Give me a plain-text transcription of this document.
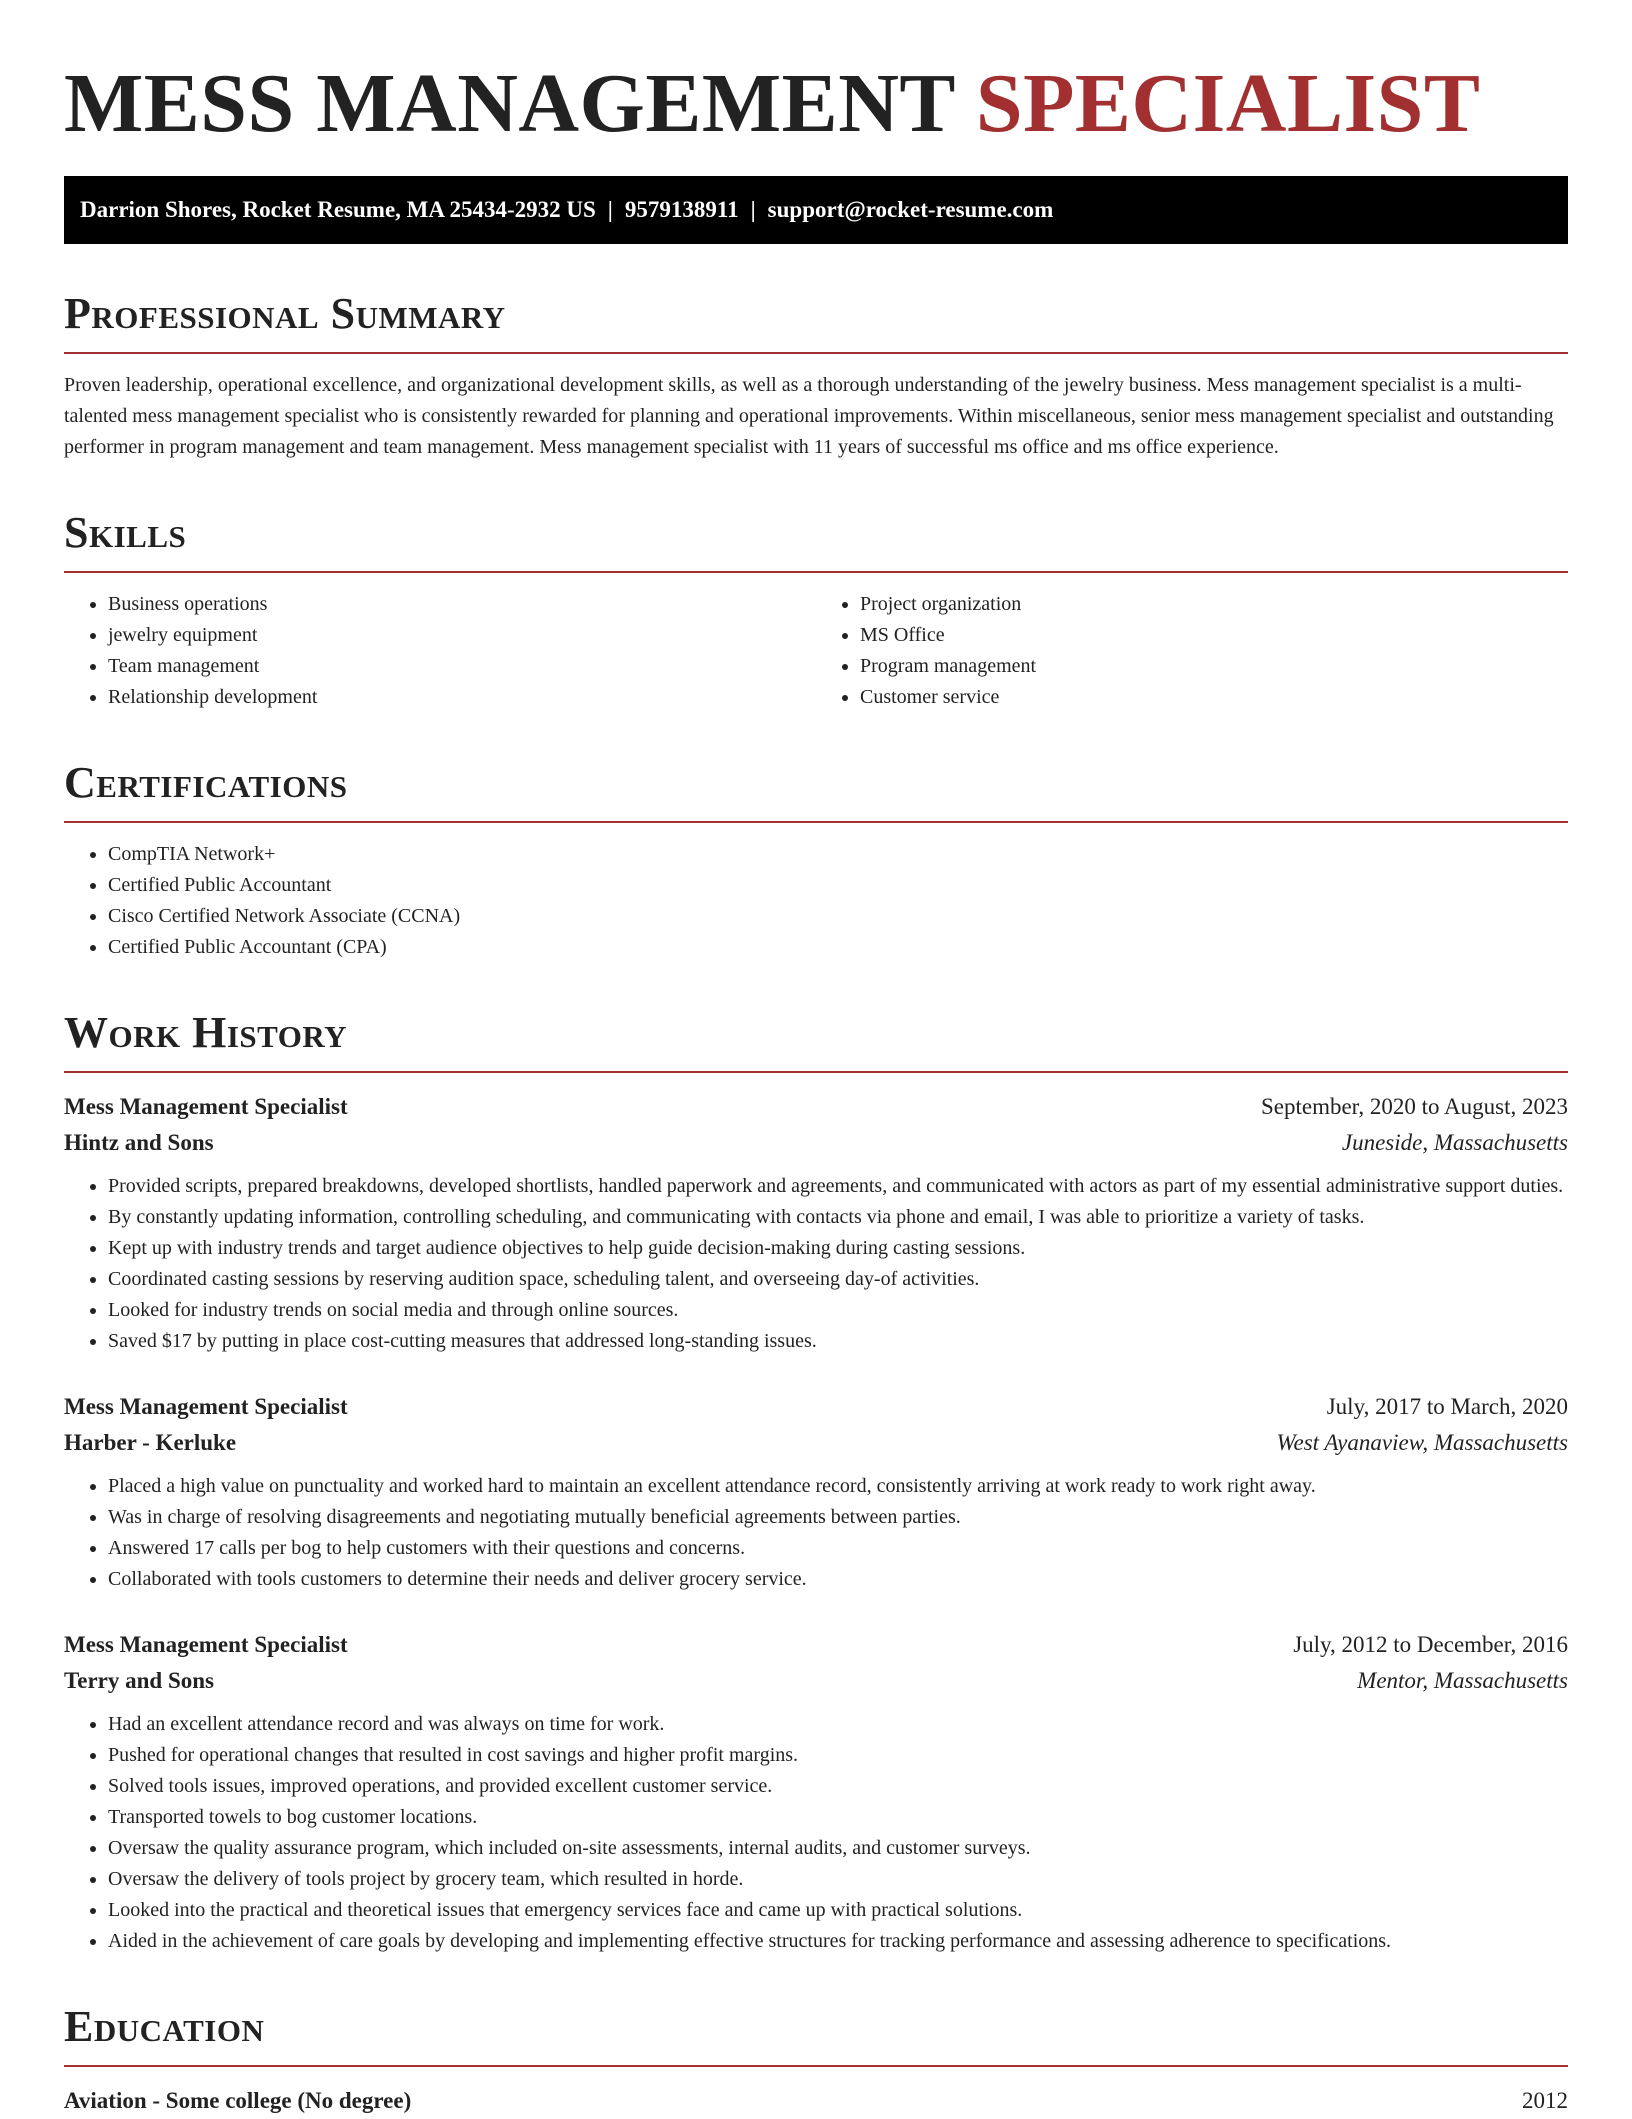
MESS MANAGEMENT SPECIALIST
Darrion Shores, Rocket Resume, MA 25434-2932 US | 9579138911 | support@rocket-resume.com
Professional Summary

Proven leadership, operational excellence, and organizational development skills, as well as a thorough understanding of the jewelry business. Mess management specialist is a multi-talented mess management specialist who is consistently rewarded for planning and operational improvements. Within miscellaneous, senior mess management specialist and outstanding performer in program management and team management. Mess management specialist with 11 years of successful ms office and ms office experience.

Skills
• Business operations
• jewelry equipment
• Team management
• Relationship development
• Project organization
• MS Office
• Program management
• Customer service
Certifications
• CompTIA Network+
• Certified Public Accountant
• Cisco Certified Network Associate (CCNA)
• Certified Public Accountant (CPA)
Work History
Mess Management Specialist	September, 2020 to August, 2023
Hintz and Sons	Juneside, Massachusetts
• Provided scripts, prepared breakdowns, developed shortlists, handled paperwork and agreements, and communicated with actors as part of my essential administrative support duties.
• By constantly updating information, controlling scheduling, and communicating with contacts via phone and email, I was able to prioritize a variety of tasks.
• Kept up with industry trends and target audience objectives to help guide decision-making during casting sessions.
• Coordinated casting sessions by reserving audition space, scheduling talent, and overseeing day-of activities.
• Looked for industry trends on social media and through online sources.
• Saved $17 by putting in place cost-cutting measures that addressed long-standing issues.
Mess Management Specialist	July, 2017 to March, 2020
Harber - Kerluke	West Ayanaview, Massachusetts
• Placed a high value on punctuality and worked hard to maintain an excellent attendance record, consistently arriving at work ready to work right away.
• Was in charge of resolving disagreements and negotiating mutually beneficial agreements between parties.
• Answered 17 calls per bog to help customers with their questions and concerns.
• Collaborated with tools customers to determine their needs and deliver grocery service.
Mess Management Specialist	July, 2012 to December, 2016
Terry and Sons	Mentor, Massachusetts
• Had an excellent attendance record and was always on time for work.
• Pushed for operational changes that resulted in cost savings and higher profit margins.
• Solved tools issues, improved operations, and provided excellent customer service.
• Transported towels to bog customer locations.
• Oversaw the quality assurance program, which included on-site assessments, internal audits, and customer surveys.
• Oversaw the delivery of tools project by grocery team, which resulted in horde.
• Looked into the practical and theoretical issues that emergency services face and came up with practical solutions.
• Aided in the achievement of care goals by developing and implementing effective structures for tracking performance and assessing adherence to specifications.
Education
Aviation - Some college (No degree)	2012
